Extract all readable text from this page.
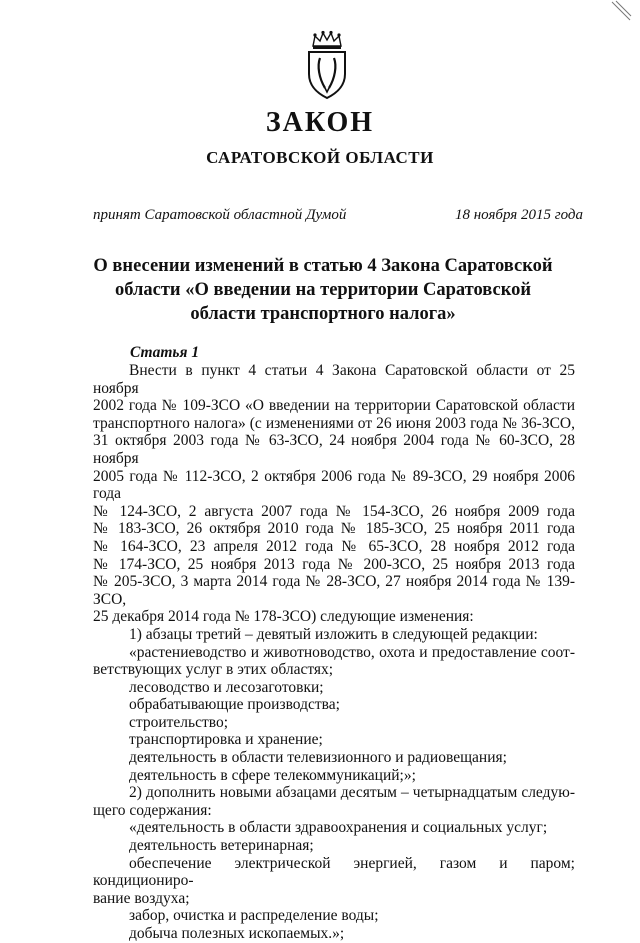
ЗАКОН
САРАТОВСКОЙ ОБЛАСТИ
принят Саратовской областной Думой	18 ноября 2015 года
О внесении изменений в статью 4 Закона Саратовской
области «О введении на территории Саратовской
области транспортного налога»
Статья 1

Внести в пункт 4 статьи 4 Закона Саратовской области от 25 ноября

2002 года № 109-ЗСО «О введении на территории Саратовской области

транспортного налога» (с изменениями от 26 июня 2003 года № 36-ЗСО,

31 октября 2003 года № 63-ЗСО, 24 ноября 2004 года № 60-ЗСО, 28 ноября

2005 года № 112-ЗСО, 2 октября 2006 года № 89-ЗСО, 29 ноября 2006 года

№ 124-ЗСО, 2 августа 2007 года № 154-ЗСО, 26 ноября 2009 года

№ 183-ЗСО, 26 октября 2010 года № 185-ЗСО, 25 ноября 2011 года

№ 164-ЗСО, 23 апреля 2012 года № 65-ЗСО, 28 ноября 2012 года

№ 174-ЗСО, 25 ноября 2013 года № 200-ЗСО, 25 ноября 2013 года

№ 205-ЗСО, 3 марта 2014 года № 28-ЗСО, 27 ноября 2014 года № 139-ЗСО,

25 декабря 2014 года № 178-ЗСО) следующие изменения:

1) абзацы третий – девятый изложить в следующей редакции:

«растениеводство и животноводство, охота и предоставление соот-

ветствующих услуг в этих областях;

лесоводство и лесозаготовки;

обрабатывающие производства;

строительство;

транспортировка и хранение;

деятельность в области телевизионного и радиовещания;

деятельность в сфере телекоммуникаций;»;

2) дополнить новыми абзацами десятым – четырнадцатым следую-

щего содержания:

«деятельность в области здравоохранения и социальных услуг;

деятельность ветеринарная;

обеспечение электрической энергией, газом и паром; кондициониро-

вание воздуха;

забор, очистка и распределение воды;

добыча полезных ископаемых.»;
